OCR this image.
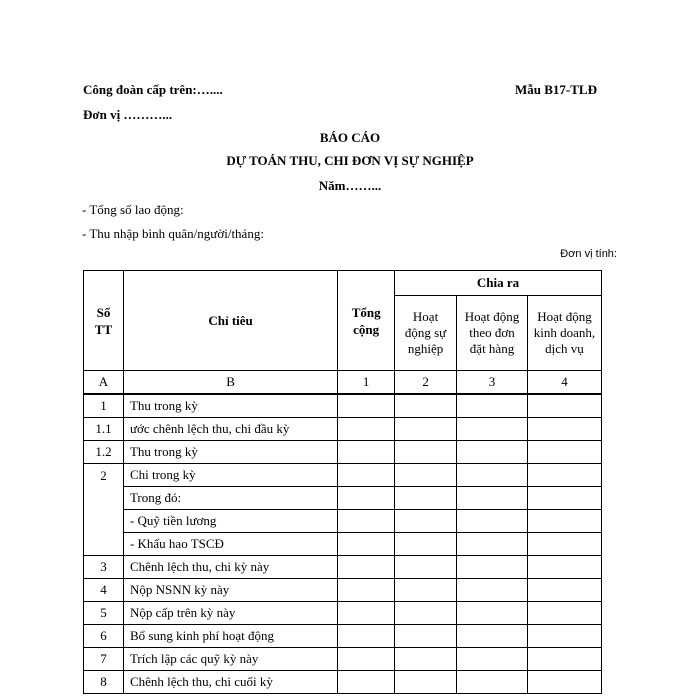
Công đoàn cấp trên:…....
Đơn vị ………...
Mẫu B17-TLĐ
BÁO CÁO
DỰ TOÁN THU, CHI ĐƠN VỊ SỰ NGHIỆP
Năm……...
- Tổng số lao động:
- Thu nhập bình quân/người/tháng:
Đơn vị tính:
Số TT	Chỉ tiêu	Tổng cộng	Chia ra		
			Hoạt động sự nghiệp	Hoạt động theo đơn đặt hàng	Hoạt động kinh doanh, dịch vụ
A	B	1	2	3	4
1	Thu trong kỳ				
1.1	ước chênh lệch thu, chi đầu kỳ				
1.2	Thu trong kỳ				
2	Chi trong kỳ				
	Trong đó:				
	- Quỹ tiền lương				
	- Khấu hao TSCĐ				
3	Chênh lệch thu, chi kỳ này				
4	Nộp NSNN kỳ này				
5	Nộp cấp trên kỳ này				
6	Bổ sung kinh phí hoạt động				
7	Trích lập các quỹ kỳ này				
8	Chênh lệch thu, chi cuối kỳ				
